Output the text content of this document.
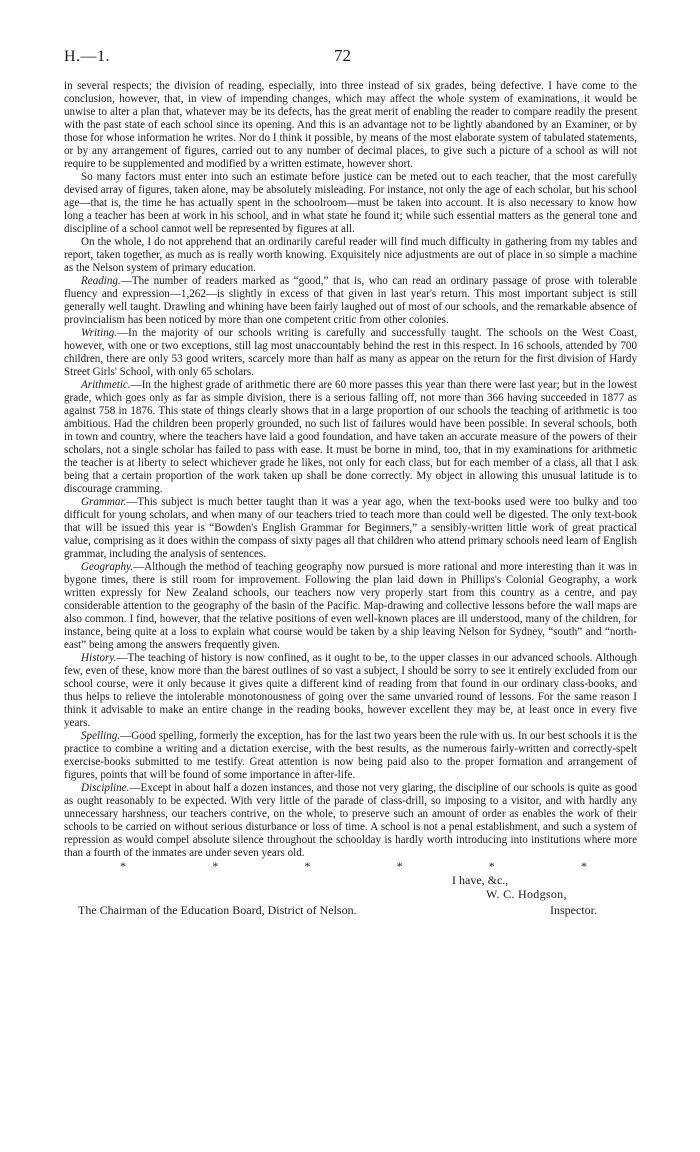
H.—1.	72

in several respects; the division of reading, especially, into three instead of six grades, being defective. I have come to the conclusion, however, that, in view of impending changes, which may affect the whole system of examinations, it would be unwise to alter a plan that, whatever may be its defects, has the great merit of enabling the reader to compare readily the present with the past state of each school since its opening. And this is an advantage not to be lightly abandoned by an Examiner, or by those for whose information he writes. Nor do I think it possible, by means of the most elaborate system of tabulated statements, or by any arrangement of figures, carried out to any number of decimal places, to give such a picture of a school as will not require to be supplemented and modified by a written estimate, however short.

So many factors must enter into such an estimate before justice can be meted out to each teacher, that the most carefully devised array of figures, taken alone, may be absolutely misleading. For instance, not only the age of each scholar, but his school age—that is, the time he has actually spent in the schoolroom—must be taken into account. It is also necessary to know how long a teacher has been at work in his school, and in what state he found it; while such essential matters as the general tone and discipline of a school cannot well be represented by figures at all.

On the whole, I do not apprehend that an ordinarily careful reader will find much difficulty in gathering from my tables and report, taken together, as much as is really worth knowing. Exquisitely nice adjustments are out of place in so simple a machine as the Nelson system of primary education.

Reading.—The number of readers marked as “good,” that is, who can read an ordinary passage of prose with tolerable fluency and expression—1,262—is slightly in excess of that given in last year's return. This most important subject is still generally well taught. Drawling and whining have been fairly laughed out of most of our schools, and the remarkable absence of provincialism has been noticed by more than one competent critic from other colonies.

Writing.—In the majority of our schools writing is carefully and successfully taught. The schools on the West Coast, however, with one or two exceptions, still lag most unaccountably behind the rest in this respect. In 16 schools, attended by 700 children, there are only 53 good writers, scarcely more than half as many as appear on the return for the first division of Hardy Street Girls' School, with only 65 scholars.

Arithmetic.—In the highest grade of arithmetic there are 60 more passes this year than there were last year; but in the lowest grade, which goes only as far as simple division, there is a serious falling off, not more than 366 having succeeded in 1877 as against 758 in 1876. This state of things clearly shows that in a large proportion of our schools the teaching of arithmetic is too ambitious. Had the children been properly grounded, no such list of failures would have been possible. In several schools, both in town and country, where the teachers have laid a good foundation, and have taken an accurate measure of the powers of their scholars, not a single scholar has failed to pass with ease. It must be borne in mind, too, that in my examinations for arithmetic the teacher is at liberty to select whichever grade he likes, not only for each class, but for each member of a class, all that I ask being that a certain proportion of the work taken up shall be done correctly. My object in allowing this unusual latitude is to discourage cramming.

Grammar.—This subject is much better taught than it was a year ago, when the text-books used were too bulky and too difficult for young scholars, and when many of our teachers tried to teach more than could well be digested. The only text-book that will be issued this year is “Bowden's English Grammar for Beginners,” a sensibly-written little work of great practical value, comprising as it does within the compass of sixty pages all that children who attend primary schools need learn of English grammar, including the analysis of sentences.

Geography.—Although the method of teaching geography now pursued is more rational and more interesting than it was in bygone times, there is still room for improvement. Following the plan laid down in Phillips's Colonial Geography, a work written expressly for New Zealand schools, our teachers now very properly start from this country as a centre, and pay considerable attention to the geography of the basin of the Pacific. Map-drawing and collective lessons before the wall maps are also common. I find, however, that the relative positions of even well-known places are ill understood, many of the children, for instance, being quite at a loss to explain what course would be taken by a ship leaving Nelson for Sydney, “south” and “north-east” being among the answers frequently given.

History.—The teaching of history is now confined, as it ought to be, to the upper classes in our advanced schools. Although few, even of these, know more than the barest outlines of so vast a subject, I should be sorry to see it entirely excluded from our school course, were it only because it gives quite a different kind of reading from that found in our ordinary class-books, and thus helps to relieve the intolerable monotonousness of going over the same unvaried round of lessons. For the same reason I think it advisable to make an entire change in the reading books, however excellent they may be, at least once in every five years.

Spelling.—Good spelling, formerly the exception, has for the last two years been the rule with us. In our best schools it is the practice to combine a writing and a dictation exercise, with the best results, as the numerous fairly-written and correctly-spelt exercise-books submitted to me testify. Great attention is now being paid also to the proper formation and arrangement of figures, points that will be found of some importance in after-life.

Discipline.—Except in about half a dozen instances, and those not very glaring, the discipline of our schools is quite as good as ought reasonably to be expected. With very little of the parade of class-drill, so imposing to a visitor, and with hardly any unnecessary harshness, our teachers contrive, on the whole, to preserve such an amount of order as enables the work of their schools to be carried on without serious disturbance or loss of time. A school is not a penal establishment, and such a system of repression as would compel absolute silence throughout the schoolday is hardly worth introducing into institutions where more than a fourth of the inmates are under seven years old.

*	*	*	*	*	*
I have, &c.,
W. C. Hodgson,
The Chairman of the Education Board, District of Nelson.	Inspector.
